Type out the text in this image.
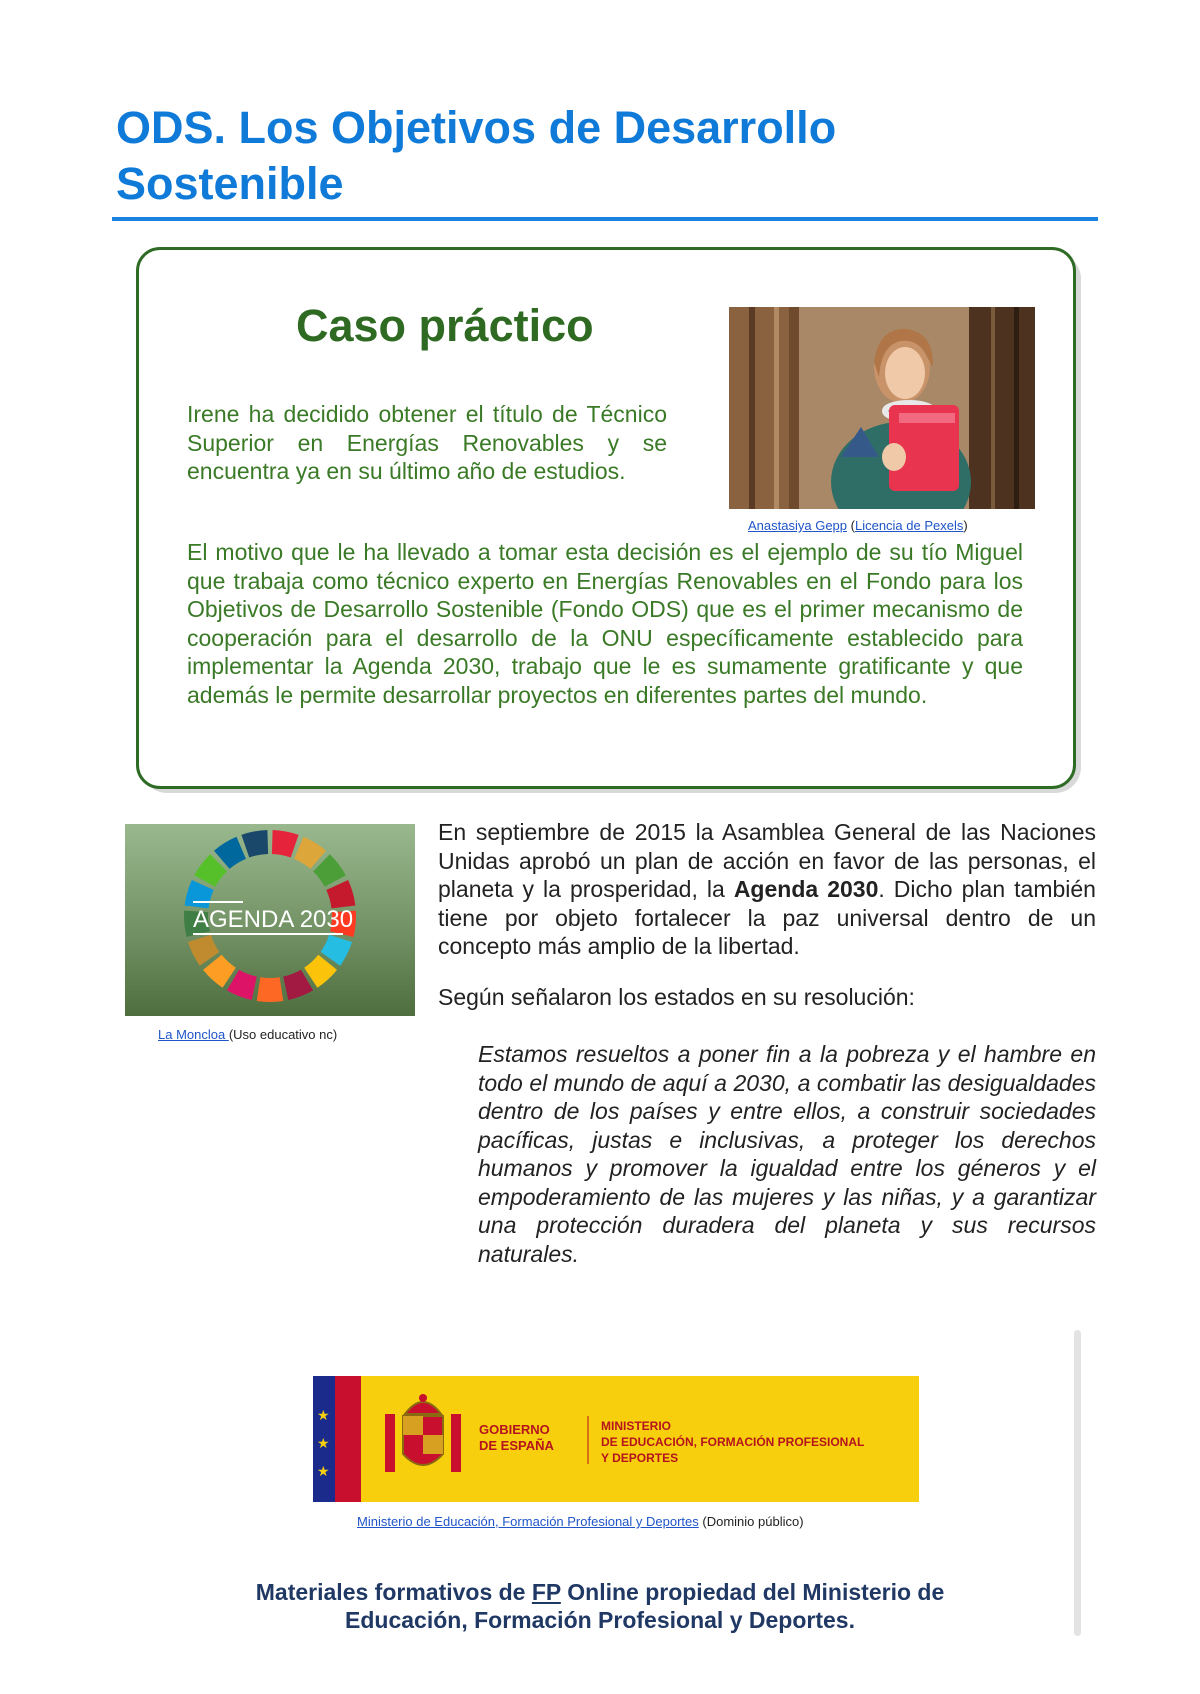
ODS. Los Objetivos de Desarrollo
Sostenible
Caso práctico

Irene ha decidido obtener el título de Técnico Superior en Energías Renovables y se encuentra ya en su último año de estudios.

Anastasiya Gepp (Licencia de Pexels)

El motivo que le ha llevado a tomar esta decisión es el ejemplo de su tío Miguel que trabaja como técnico experto en Energías Renovables en el Fondo para los Objetivos de Desarrollo Sostenible (Fondo ODS) que es el primer mecanismo de cooperación para el desarrollo de la ONU específicamente establecido para implementar la Agenda 2030, trabajo que le es sumamente gratificante y que además le permite desarrollar proyectos en diferentes partes del mundo.

AGENDA 2030
La Moncloa (Uso educativo nc)

En septiembre de 2015 la Asamblea General de las Naciones Unidas aprobó un plan de acción en favor de las personas, el planeta y la prosperidad, la Agenda 2030. Dicho plan también tiene por objeto fortalecer la paz universal dentro de un concepto más amplio de la libertad.

Según señalaron los estados en su resolución:

Estamos resueltos a poner fin a la pobreza y el hambre en todo el mundo de aquí a 2030, a combatir las desigualdades dentro de los países y entre ellos, a construir sociedades pacíficas, justas e inclusivas, a proteger los derechos humanos y promover la igualdad entre los géneros y el empoderamiento de las mujeres y las niñas, y a garantizar una protección duradera del planeta y sus recursos naturales.

★
★
★
GOBIERNO
DE ESPAÑA
MINISTERIO
DE EDUCACIÓN, FORMACIÓN PROFESIONAL
Y DEPORTES
Ministerio de Educación, Formación Profesional y Deportes (Dominio público)

Materiales formativos de FP Online propiedad del Ministerio de
Educación, Formación Profesional y Deportes.
